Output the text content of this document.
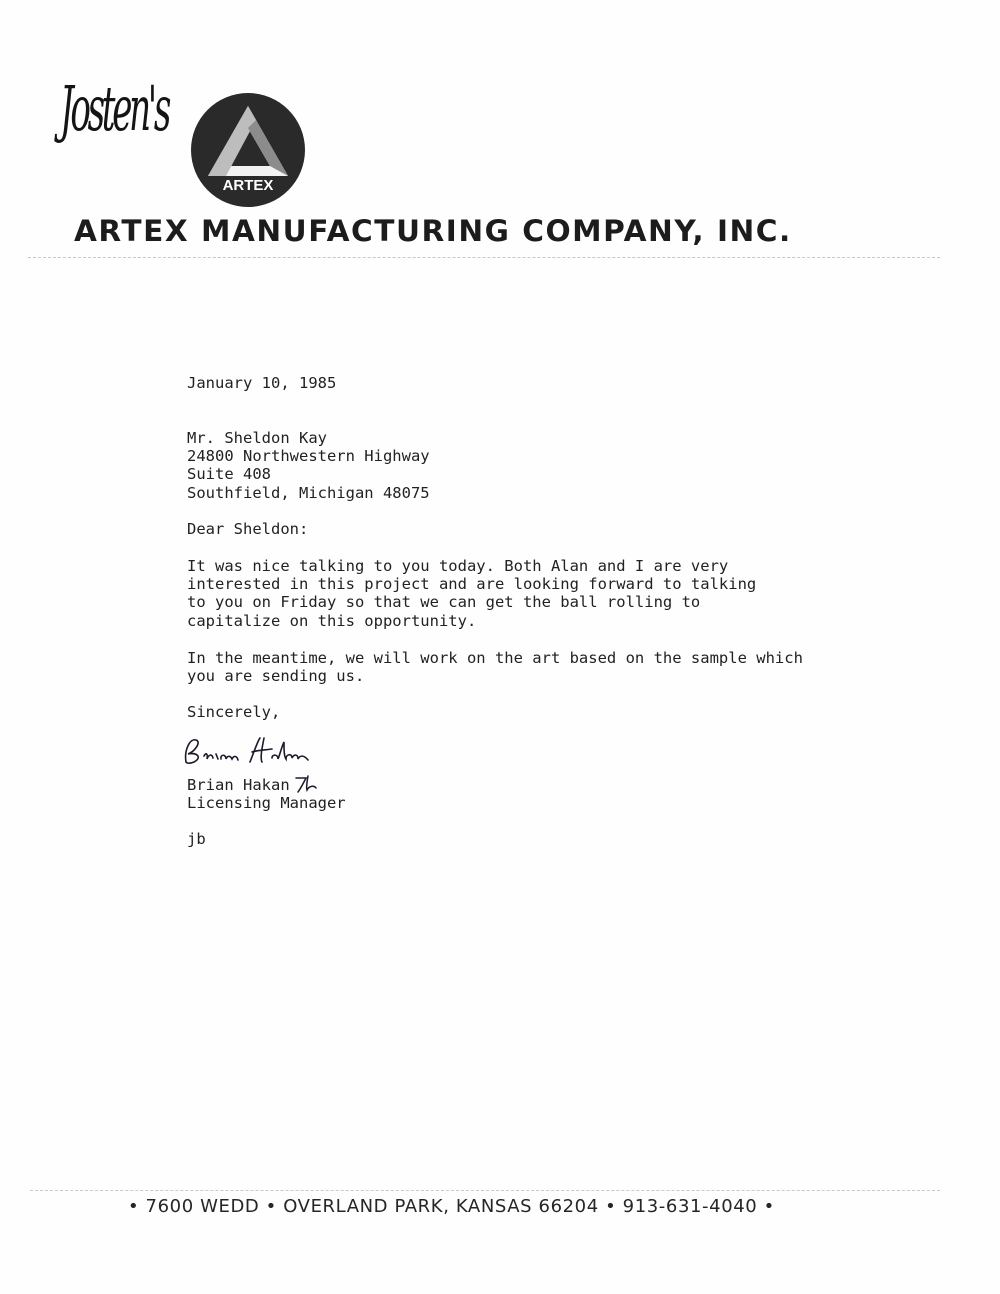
Josten's
ARTEX
ARTEX MANUFACTURING COMPANY, INC.

January 10, 1985

Mr. Sheldon Kay

24800 Northwestern Highway

Suite 408

Southfield, Michigan 48075

Dear Sheldon:

It was nice talking to you today. Both Alan and I are very
interested in this project and are looking forward to talking
to you on Friday so that we can get the ball rolling to
capitalize on this opportunity.

In the meantime, we will work on the art based on the sample which
you are sending us.

Sincerely,

Brian Hakan

Licensing Manager

jb

• 7600 WEDD • OVERLAND PARK, KANSAS 66204 • 913-631-4040 •
